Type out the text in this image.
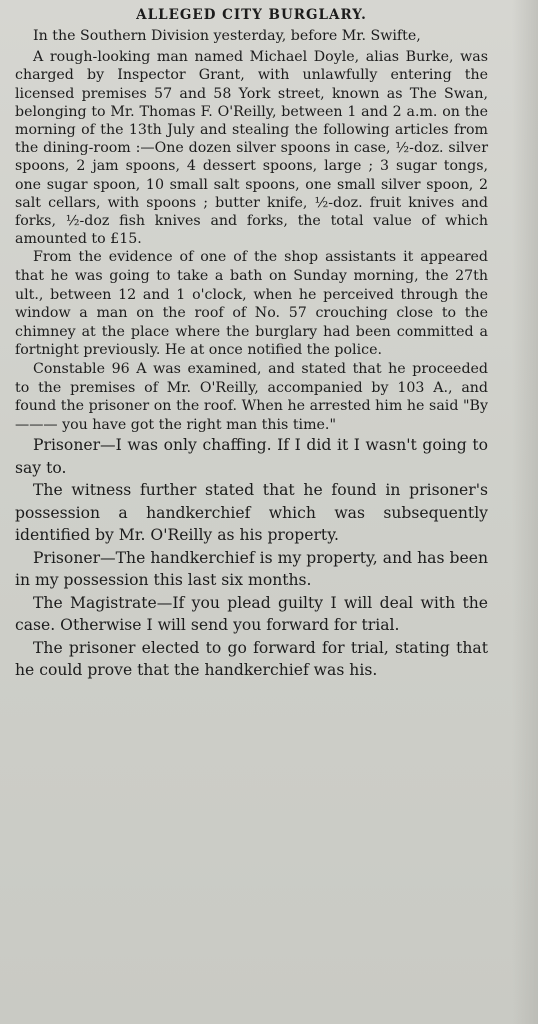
ALLEGED CITY BURGLARY.

In the Southern Division yesterday, before Mr. Swifte,

A rough-looking man named Michael Doyle, alias Burke, was charged by Inspector Grant, with unlawfully entering the licensed premises 57 and 58 York street, known as The Swan, belonging to Mr. Thomas F. O'Reilly, between 1 and 2 a.m. on the morning of the 13th July and stealing the following articles from the dining-room :—One dozen silver spoons in case, ½-doz. silver spoons, 2 jam spoons, 4 dessert spoons, large ; 3 sugar tongs, one sugar spoon, 10 small salt spoons, one small silver spoon, 2 salt cellars, with spoons ; butter knife, ½-doz. fruit knives and forks, ½-doz fish knives and forks, the total value of which amounted to £15.

From the evidence of one of the shop assistants it appeared that he was going to take a bath on Sunday morning, the 27th ult., between 12 and 1 o'clock, when he perceived through the window a man on the roof of No. 57 crouching close to the chimney at the place where the burglary had been committed a fortnight previously. He at once notified the police.

Constable 96 A was examined, and stated that he proceeded to the premises of Mr. O'Reilly, accompanied by 103 A., and found the prisoner on the roof. When he arrested him he said "By ——— you have got the right man this time."

Prisoner—I was only chaffing. If I did it I wasn't going to say to.

The witness further stated that he found in prisoner's possession a handkerchief which was subsequently identified by Mr. O'Reilly as his property.

Prisoner—The handkerchief is my property, and has been in my possession this last six months.

The Magistrate—If you plead guilty I will deal with the case. Otherwise I will send you forward for trial.

The prisoner elected to go forward for trial, stating that he could prove that the handkerchief was his.
